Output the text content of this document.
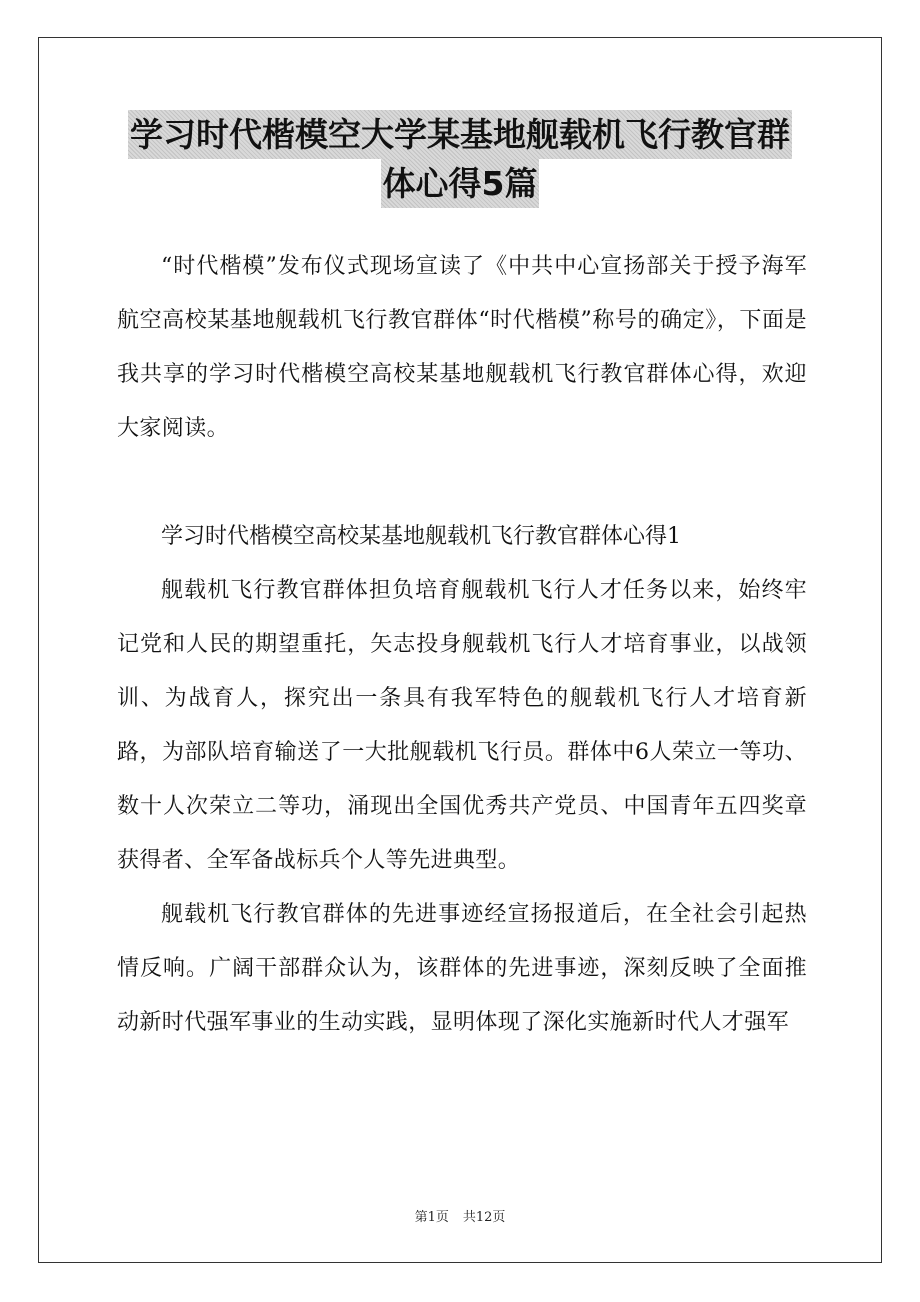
学习时代楷模空大学某基地舰载机飞行教官群
体心得5篇

“时代楷模”发布仪式现场宣读了《中共中心宣扬部关于授予海军航空高校某基地舰载机飞行教官群体“时代楷模”称号的确定》，下面是我共享的学习时代楷模空高校某基地舰载机飞行教官群体心得，欢迎大家阅读。

学习时代楷模空高校某基地舰载机飞行教官群体心得1

舰载机飞行教官群体担负培育舰载机飞行人才任务以来，始终牢记党和人民的期望重托，矢志投身舰载机飞行人才培育事业，以战领训、为战育人，探究出一条具有我军特色的舰载机飞行人才培育新路，为部队培育输送了一大批舰载机飞行员。群体中6人荣立一等功、数十人次荣立二等功，涌现出全国优秀共产党员、中国青年五四奖章获得者、全军备战标兵个人等先进典型。

舰载机飞行教官群体的先进事迹经宣扬报道后，在全社会引起热情反响。广阔干部群众认为，该群体的先进事迹，深刻反映了全面推动新时代强军事业的生动实践，显明体现了深化实施新时代人才强军

第1页 共12页
